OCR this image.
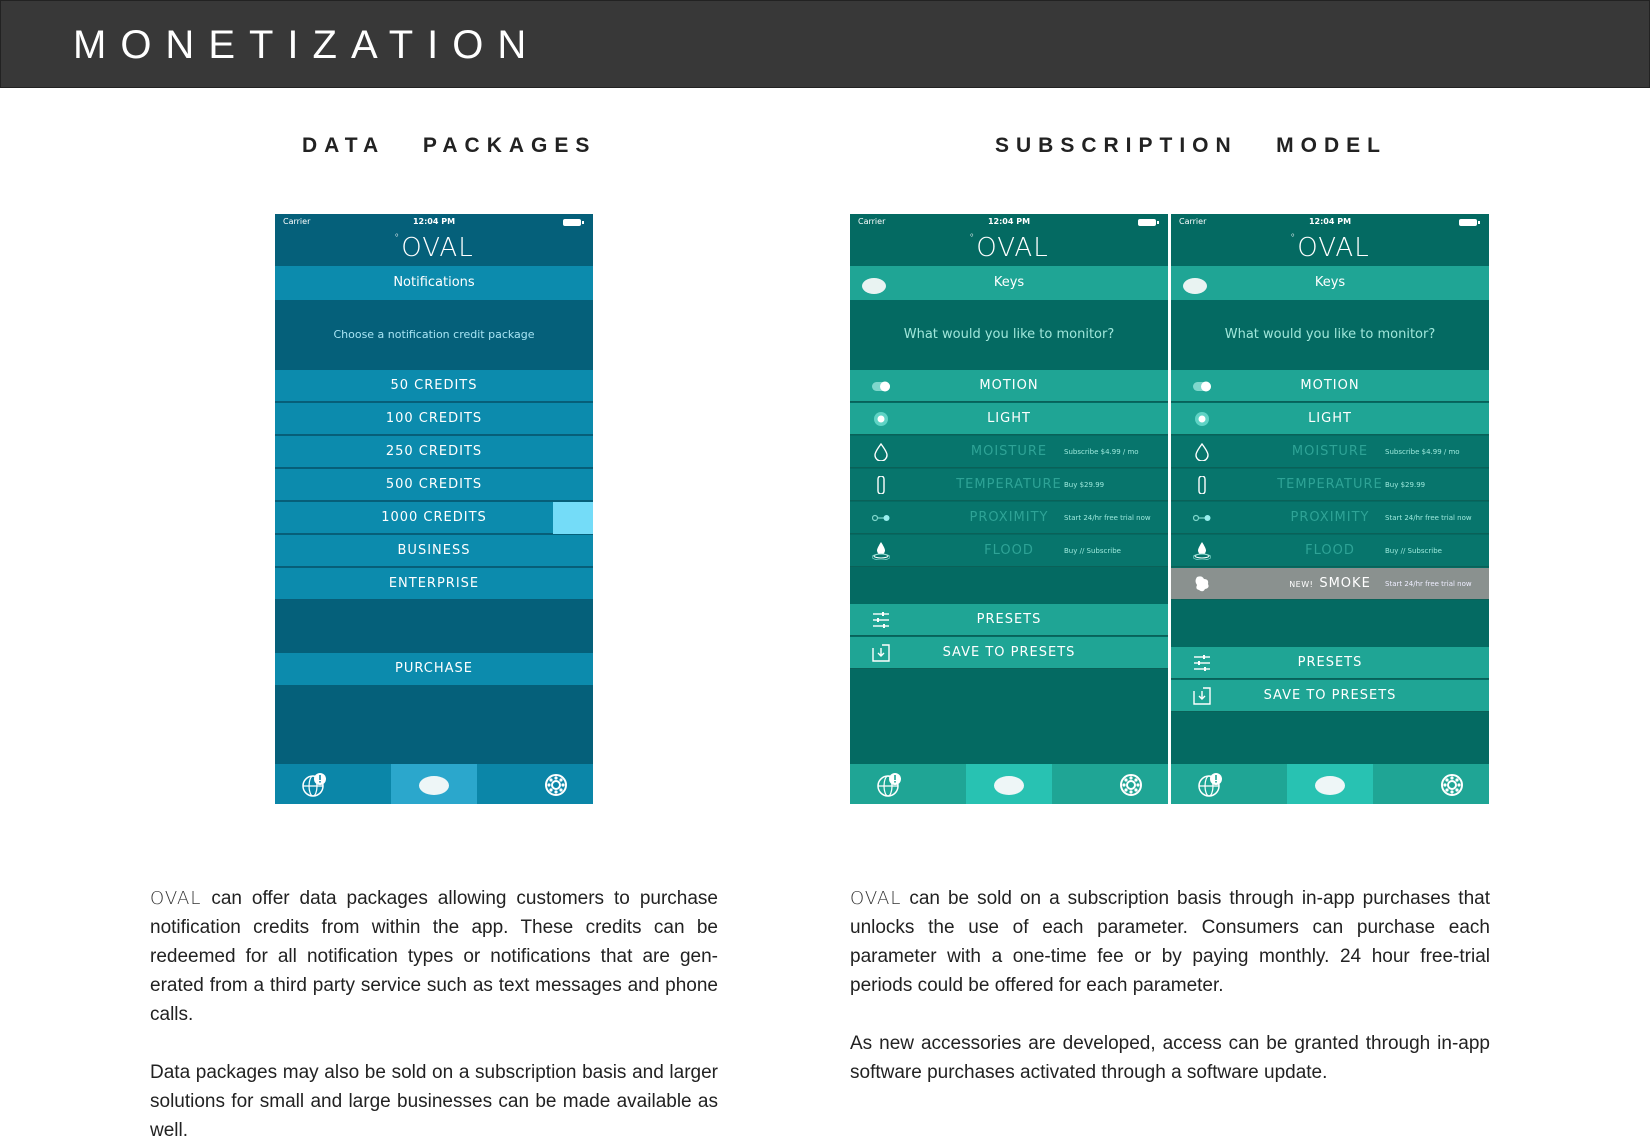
MONETIZATION
DATA   PACKAGES	SUBSCRIPTION   MODEL
Carrier	12:04 PM
°OVAL
Notifications
Choose a notification credit package
50 CREDITS
100 CREDITS
250 CREDITS
500 CREDITS
1000 CREDITS
BUSINESS
ENTERPRISE
PURCHASE
Carrier	12:04 PM
°OVAL
Keys
What would you like to monitor?
MOTION
LIGHT
MOISTURE Subscribe $4.99 / mo
TEMPERATURE Buy $29.99
PROXIMITY Start 24/hr free trial now
FLOOD	Buy // Subscribe
PRESETS
SAVE TO PRESETS
Carrier	12:04 PM
°OVAL
Keys
What would you like to monitor?
MOTION
LIGHT
MOISTURE Subscribe $4.99 / mo
TEMPERATURE Buy $29.99
PROXIMITY Start 24/hr free trial now
FLOOD	Buy // Subscribe
NEW! SMOKE Start 24/hr free trial now
PRESETS
SAVE TO PRESETS
OVAL can offer data packages allowing customers to purchase notification credits from within the app. These credits can be redeemed for all notification types or notifications that are gen-erated from a third party service such as text messages and phone calls.
Data packages may also be sold on a subscription basis and larger solutions for small and large businesses can be made available as well.
OVAL can be sold on a subscription basis through in-app purchases that unlocks the use of each parameter. Consumers can purchase each parameter with a one-time fee or by paying monthly. 24 hour free-trial periods could be offered for each parameter.
As new accessories are developed, access can be granted through in-app software purchases activated through a software update.
